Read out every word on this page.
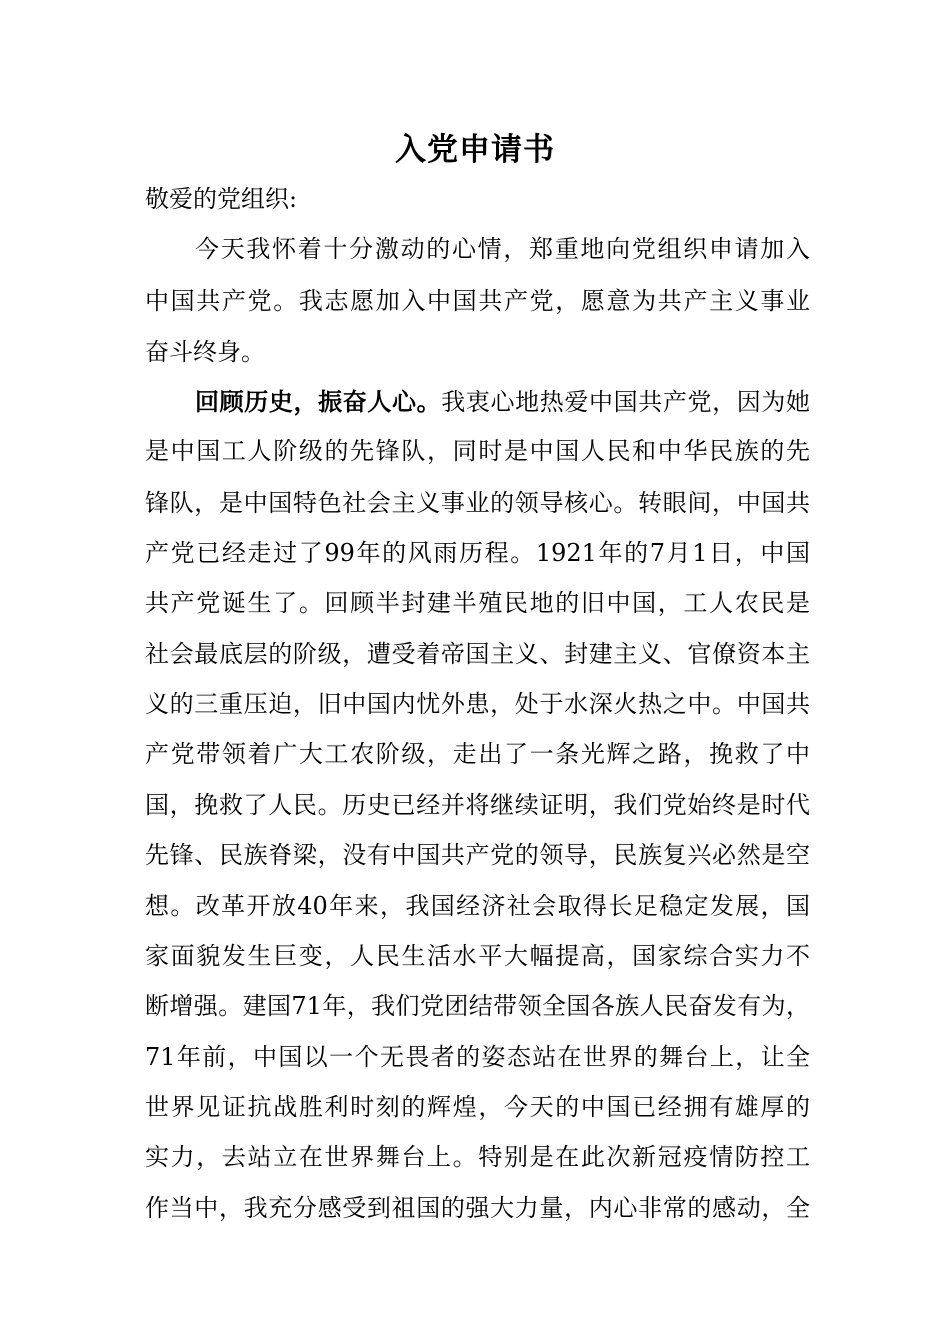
入党申请书
敬爱的党组织:
今天我怀着十分激动的心情，郑重地向党组织申请加入
中国共产党。我志愿加入中国共产党，愿意为共产主义事业
奋斗终身。
回顾历史，振奋人心。我衷心地热爱中国共产党，因为她
是中国工人阶级的先锋队，同时是中国人民和中华民族的先
锋队，是中国特色社会主义事业的领导核心。转眼间，中国共
产党已经走过了99年的风雨历程。1921年的7月1日，中国
共产党诞生了。回顾半封建半殖民地的旧中国，工人农民是
社会最底层的阶级，遭受着帝国主义、封建主义、官僚资本主
义的三重压迫，旧中国内忧外患，处于水深火热之中。中国共
产党带领着广大工农阶级，走出了一条光辉之路，挽救了中
国，挽救了人民。历史已经并将继续证明，我们党始终是时代
先锋、民族脊梁，没有中国共产党的领导，民族复兴必然是空
想。改革开放40年来，我国经济社会取得长足稳定发展，国
家面貌发生巨变，人民生活水平大幅提高，国家综合实力不
断增强。建国71年，我们党团结带领全国各族人民奋发有为，
71年前，中国以一个无畏者的姿态站在世界的舞台上，让全
世界见证抗战胜利时刻的辉煌，今天的中国已经拥有雄厚的
实力，去站立在世界舞台上。特别是在此次新冠疫情防控工
作当中，我充分感受到祖国的强大力量，内心非常的感动，全
